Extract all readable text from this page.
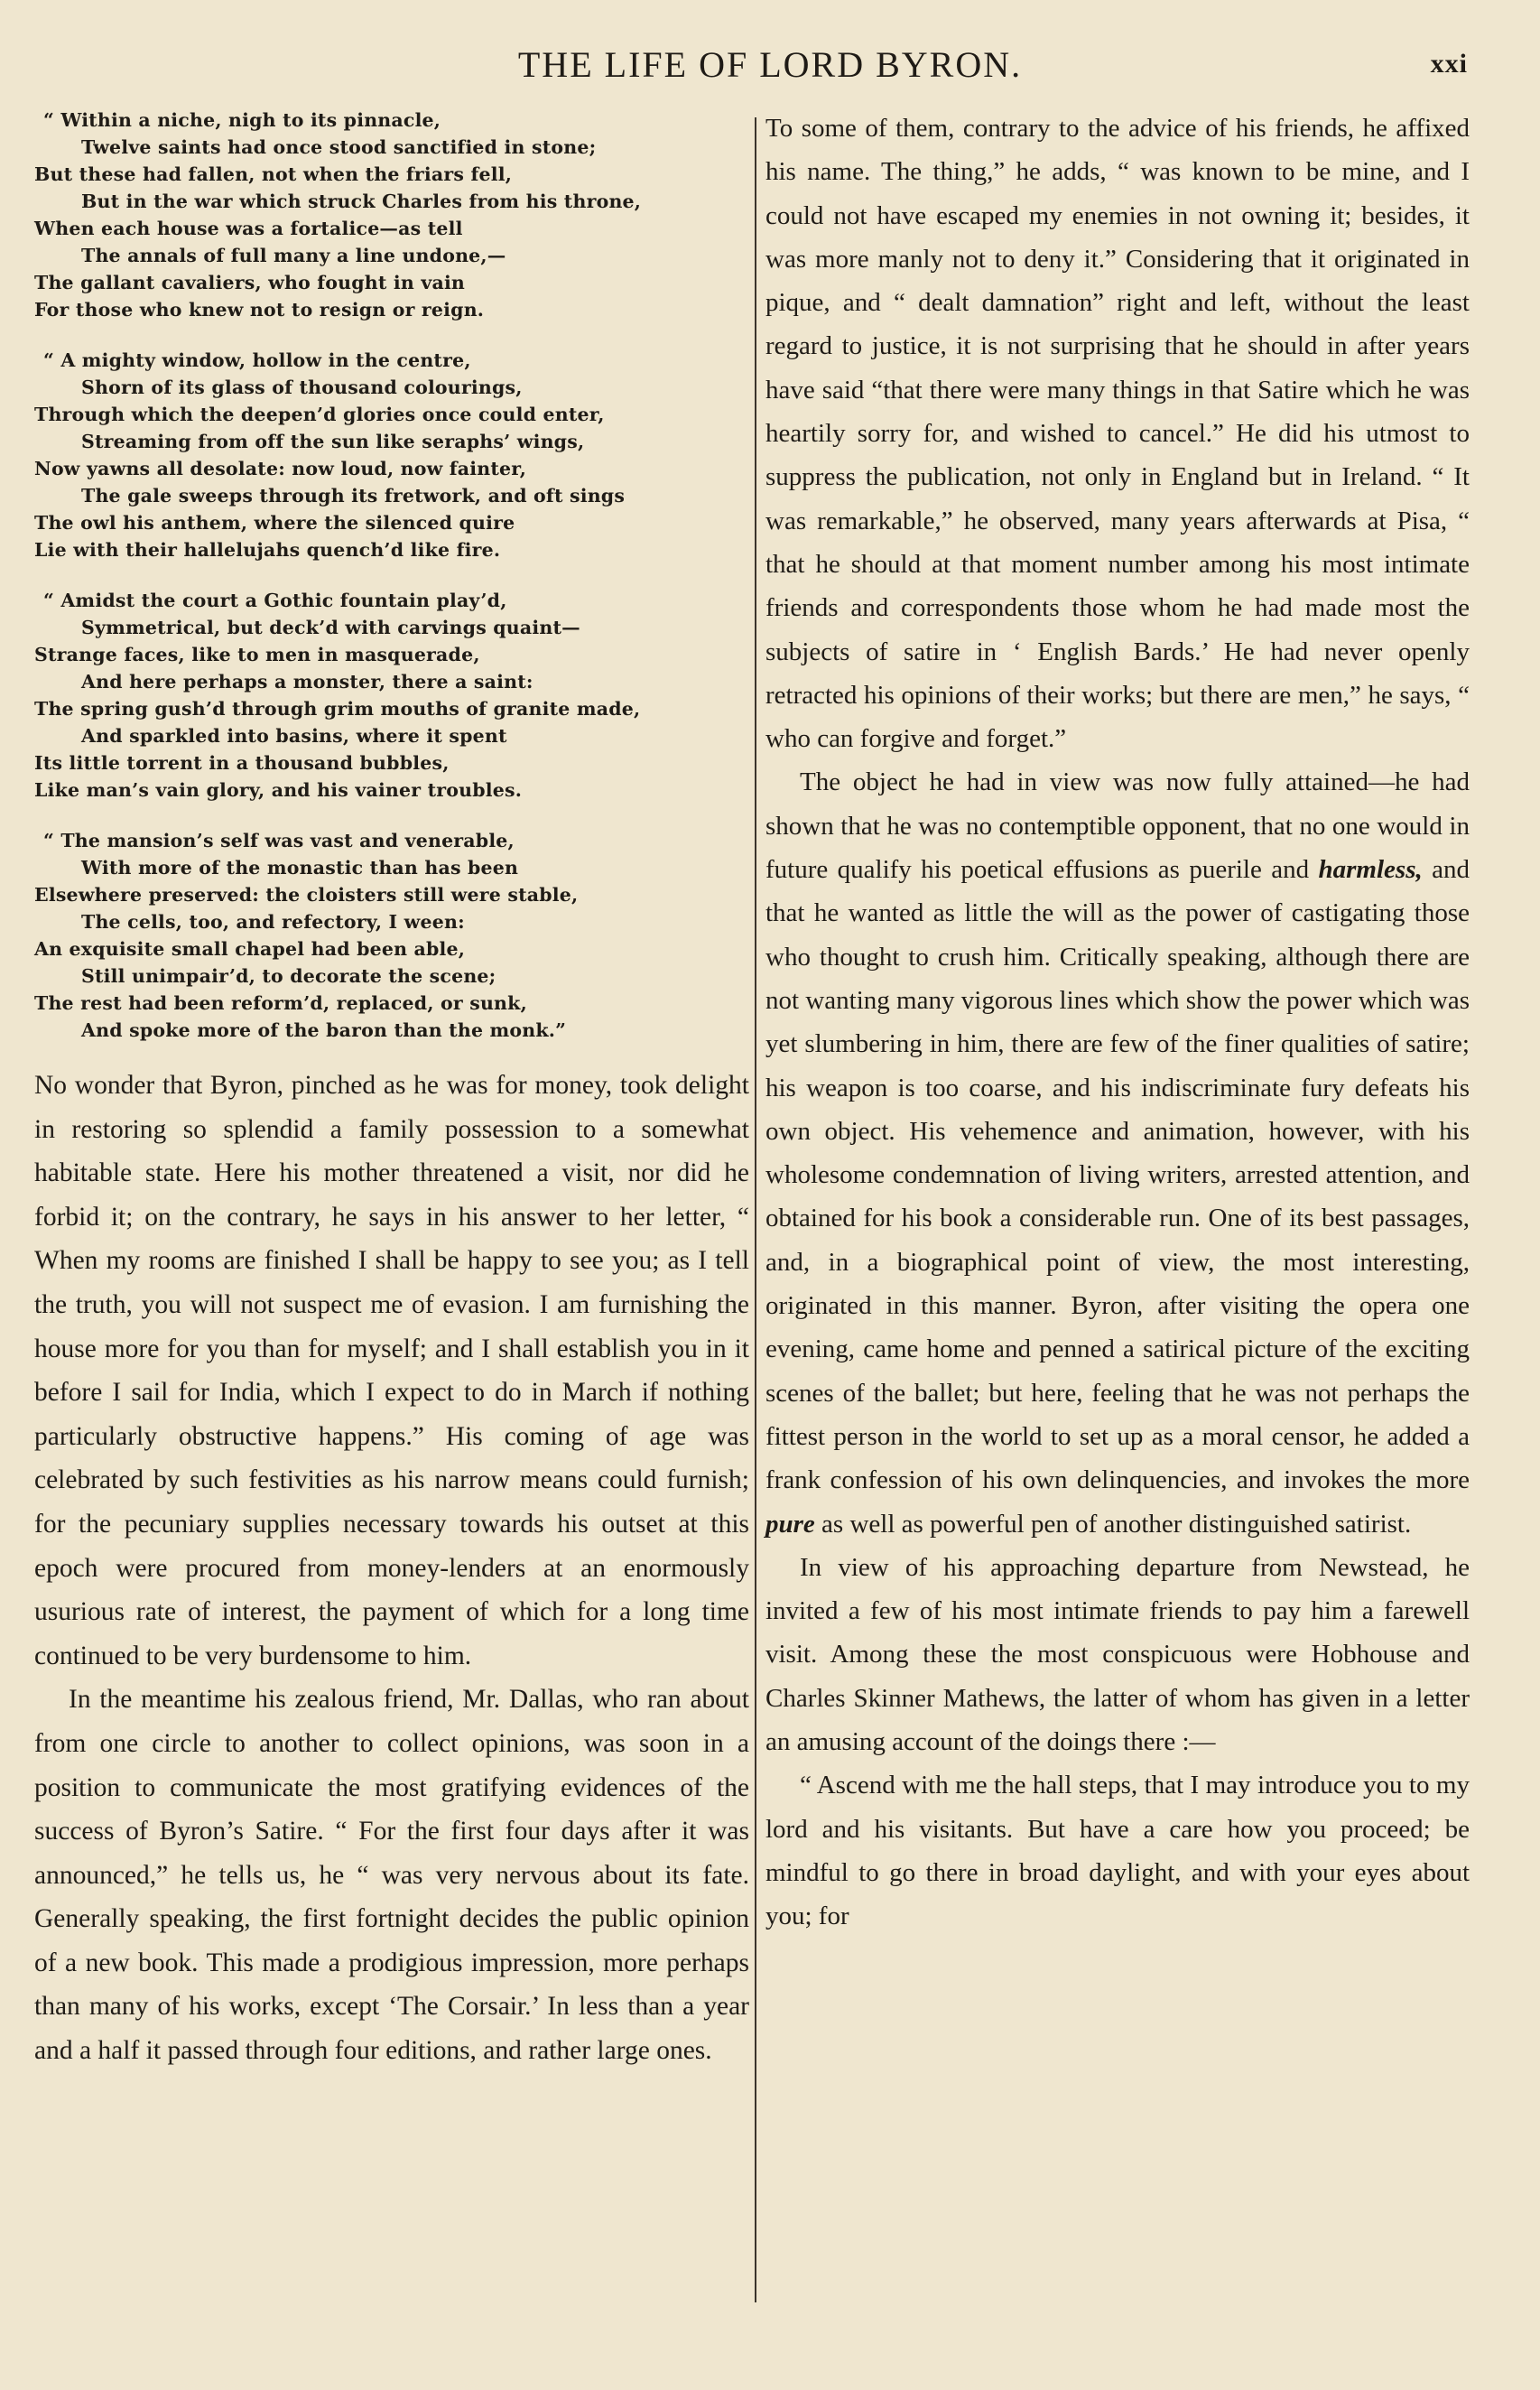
THE LIFE OF LORD BYRON.	xxi
“ Within a niche, nigh to its pinnacle,
Twelve saints had once stood sanctified in stone;
But these had fallen, not when the friars fell,
But in the war which struck Charles from his throne,
When each house was a fortalice—as tell
The annals of full many a line undone,—
The gallant cavaliers, who fought in vain
For those who knew not to resign or reign.
“ A mighty window, hollow in the centre,
Shorn of its glass of thousand colourings,
Through which the deepen’d glories once could enter,
Streaming from off the sun like seraphs’ wings,
Now yawns all desolate: now loud, now fainter,
The gale sweeps through its fretwork, and oft sings
The owl his anthem, where the silenced quire
Lie with their hallelujahs quench’d like fire.
“ Amidst the court a Gothic fountain play’d,
Symmetrical, but deck’d with carvings quaint—
Strange faces, like to men in masquerade,
And here perhaps a monster, there a saint:
The spring gush’d through grim mouths of granite made,
And sparkled into basins, where it spent
Its little torrent in a thousand bubbles,
Like man’s vain glory, and his vainer troubles.
“ The mansion’s self was vast and venerable,
With more of the monastic than has been
Elsewhere preserved: the cloisters still were stable,
The cells, too, and refectory, I ween:
An exquisite small chapel had been able,
Still unimpair’d, to decorate the scene;
The rest had been reform’d, replaced, or sunk,
And spoke more of the baron than the monk.”

No wonder that Byron, pinched as he was for money, took delight in restoring so splendid a family possession to a somewhat habitable state. Here his mother threatened a visit, nor did he forbid it; on the contrary, he says in his answer to her letter, “ When my rooms are finished I shall be happy to see you; as I tell the truth, you will not suspect me of evasion. I am furnishing the house more for you than for myself; and I shall establish you in it before I sail for India, which I expect to do in March if nothing particularly obstructive happens.” His coming of age was celebrated by such festivities as his narrow means could furnish; for the pecuniary supplies necessary towards his outset at this epoch were procured from money-lenders at an enormously usurious rate of interest, the payment of which for a long time continued to be very burdensome to him.

In the meantime his zealous friend, Mr. Dallas, who ran about from one circle to another to collect opinions, was soon in a position to communicate the most gratifying evidences of the success of Byron’s Satire. “ For the first four days after it was announced,” he tells us, he “ was very nervous about its fate. Generally speaking, the first fortnight decides the public opinion of a new book. This made a prodigious impression, more perhaps than many of his works, except ‘The Corsair.’ In less than a year and a half it passed through four editions, and rather large ones.

To some of them, contrary to the advice of his friends, he affixed his name. The thing,” he adds, “ was known to be mine, and I could not have escaped my enemies in not owning it; besides, it was more manly not to deny it.” Considering that it originated in pique, and “ dealt damnation” right and left, without the least regard to justice, it is not surprising that he should in after years have said “that there were many things in that Satire which he was heartily sorry for, and wished to cancel.” He did his utmost to suppress the publication, not only in England but in Ireland. “ It was remarkable,” he observed, many years afterwards at Pisa, “ that he should at that moment number among his most intimate friends and correspondents those whom he had made most the subjects of satire in ‘ English Bards.’ He had never openly retracted his opinions of their works; but there are men,” he says, “ who can forgive and forget.”

The object he had in view was now fully attained—he had shown that he was no contemptible opponent, that no one would in future qualify his poetical effusions as puerile and harmless, and that he wanted as little the will as the power of castigating those who thought to crush him. Critically speaking, although there are not wanting many vigorous lines which show the power which was yet slumbering in him, there are few of the finer qualities of satire; his weapon is too coarse, and his indiscriminate fury defeats his own object. His vehemence and animation, however, with his wholesome condemnation of living writers, arrested attention, and obtained for his book a considerable run. One of its best passages, and, in a biographical point of view, the most interesting, originated in this manner. Byron, after visiting the opera one evening, came home and penned a satirical picture of the exciting scenes of the ballet; but here, feeling that he was not perhaps the fittest person in the world to set up as a moral censor, he added a frank confession of his own delinquencies, and invokes the more pure as well as powerful pen of another distinguished satirist.

In view of his approaching departure from Newstead, he invited a few of his most intimate friends to pay him a farewell visit. Among these the most conspicuous were Hobhouse and Charles Skinner Mathews, the latter of whom has given in a letter an amusing account of the doings there :—

“ Ascend with me the hall steps, that I may introduce you to my lord and his visitants. But have a care how you proceed; be mindful to go there in broad daylight, and with your eyes about you; for
